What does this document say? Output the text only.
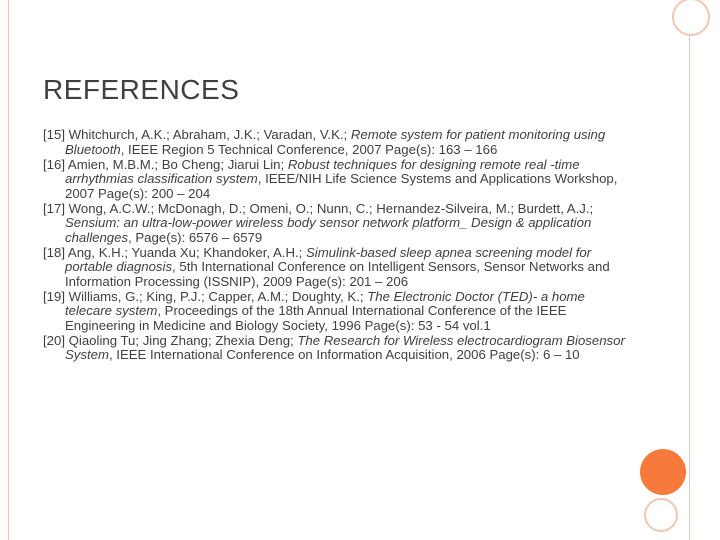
REFERENCES

[15] Whitchurch, A.K.; Abraham, J.K.; Varadan, V.K.; Remote system for patient monitoring using Bluetooth, IEEE Region 5 Technical Conference, 2007 Page(s): 163 – 166

[16] Amien, M.B.M.; Bo Cheng; Jiarui Lin; Robust techniques for designing remote real -time arrhythmias classification system, IEEE/NIH Life Science Systems and Applications Workshop, 2007 Page(s): 200 – 204

[17] Wong, A.C.W.; McDonagh, D.; Omeni, O.; Nunn, C.; Hernandez-Silveira, M.; Burdett, A.J.; Sensium: an ultra-low-power wireless body sensor network platform_ Design & application challenges, Page(s): 6576 – 6579

[18] Ang, K.H.; Yuanda Xu; Khandoker, A.H.; Simulink-based sleep apnea screening model for portable diagnosis, 5th International Conference on Intelligent Sensors, Sensor Networks and Information Processing (ISSNIP), 2009 Page(s): 201 – 206

[19] Williams, G.; King, P.J.; Capper, A.M.; Doughty, K.; The Electronic Doctor (TED)- a home telecare system, Proceedings of the 18th Annual International Conference of the IEEE Engineering in Medicine and Biology Society, 1996 Page(s): 53 - 54 vol.1

[20] Qiaoling Tu; Jing Zhang; Zhexia Deng; The Research for Wireless electrocardiogram Biosensor System, IEEE International Conference on Information Acquisition, 2006 Page(s): 6 – 10
